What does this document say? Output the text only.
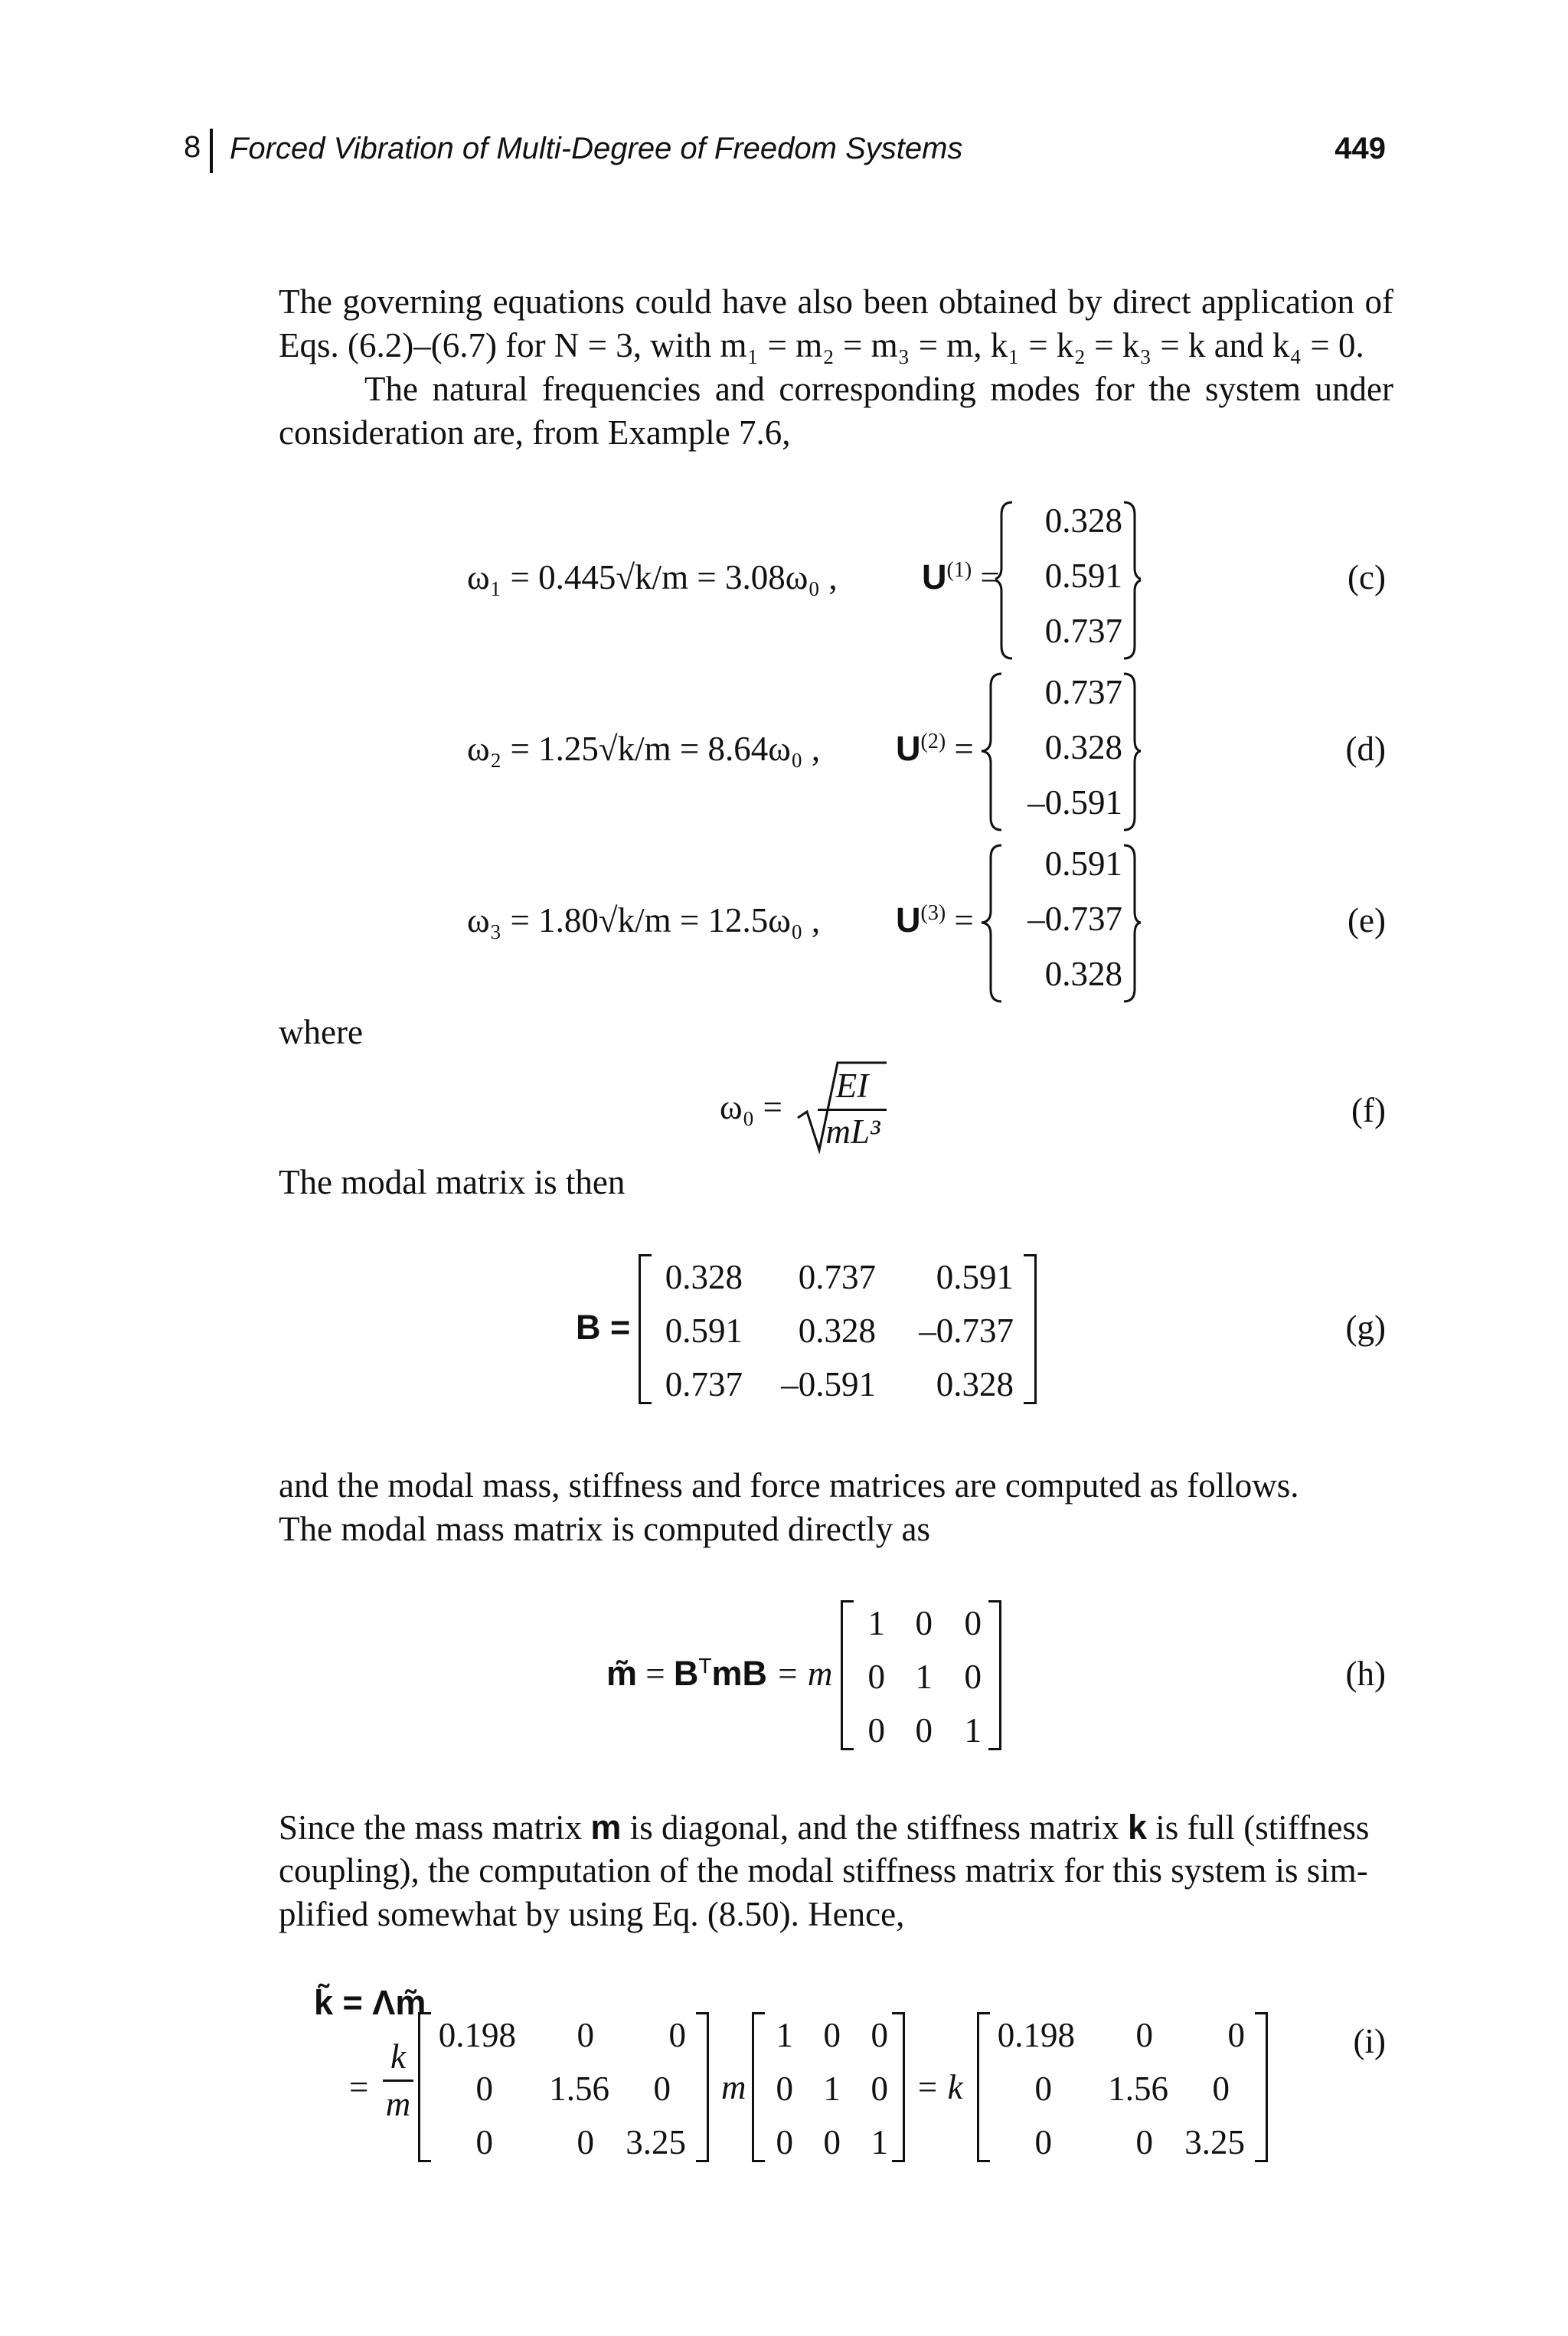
8 Forced Vibration of Multi-Degree of Freedom Systems	449
The governing equations could have also been obtained by direct application of
Eqs. (6.2)–(6.7) for N = 3, with m₁ = m₂ = m₃ = m, k₁ = k₂ = k₃ = k and k₄ = 0.
The natural frequencies and corresponding modes for the system under
consideration are, from Example 7.6,
ω₁ = 0.445√k/m = 3.08ω₀ , $U^{(1)}$ =
0.328
0.591
0.737
(c)
ω₂ = 1.25√k/m = 8.64ω₀ , $U^{(2)}$ =
0.737
0.328
–0.591
(d)
ω₃ = 1.80√k/m = 12.5ω₀ , $U^{(3)}$ =
0.591
–0.737
0.328
(e)
where
ω₀ =
EI
mL³
(f)
The modal matrix is then
B =
0.328	0.737	0.591
0.591	0.328	–0.737
0.737	–0.591	0.328
(g)
and the modal mass, stiffness and force matrices are computed as follows.
The modal mass matrix is computed directly as
m̃ = $B^TmB = m$
1 0 0
0 1 0
0 0 1
(h)
Since the mass matrix m is diagonal, and the stiffness matrix k is full (stiffness
coupling), the computation of the modal stiffness matrix for this system is sim-
plified somewhat by using Eq. (8.50). Hence,
k̃ = Λm̃
=
k
m
0.198	0	0
0	1.56	0
0	0 3.25
m
1 0 0
0 1 0
0 0 1
= k
0.198	0	0
0	1.56	0
0	0 3.25
(i)
